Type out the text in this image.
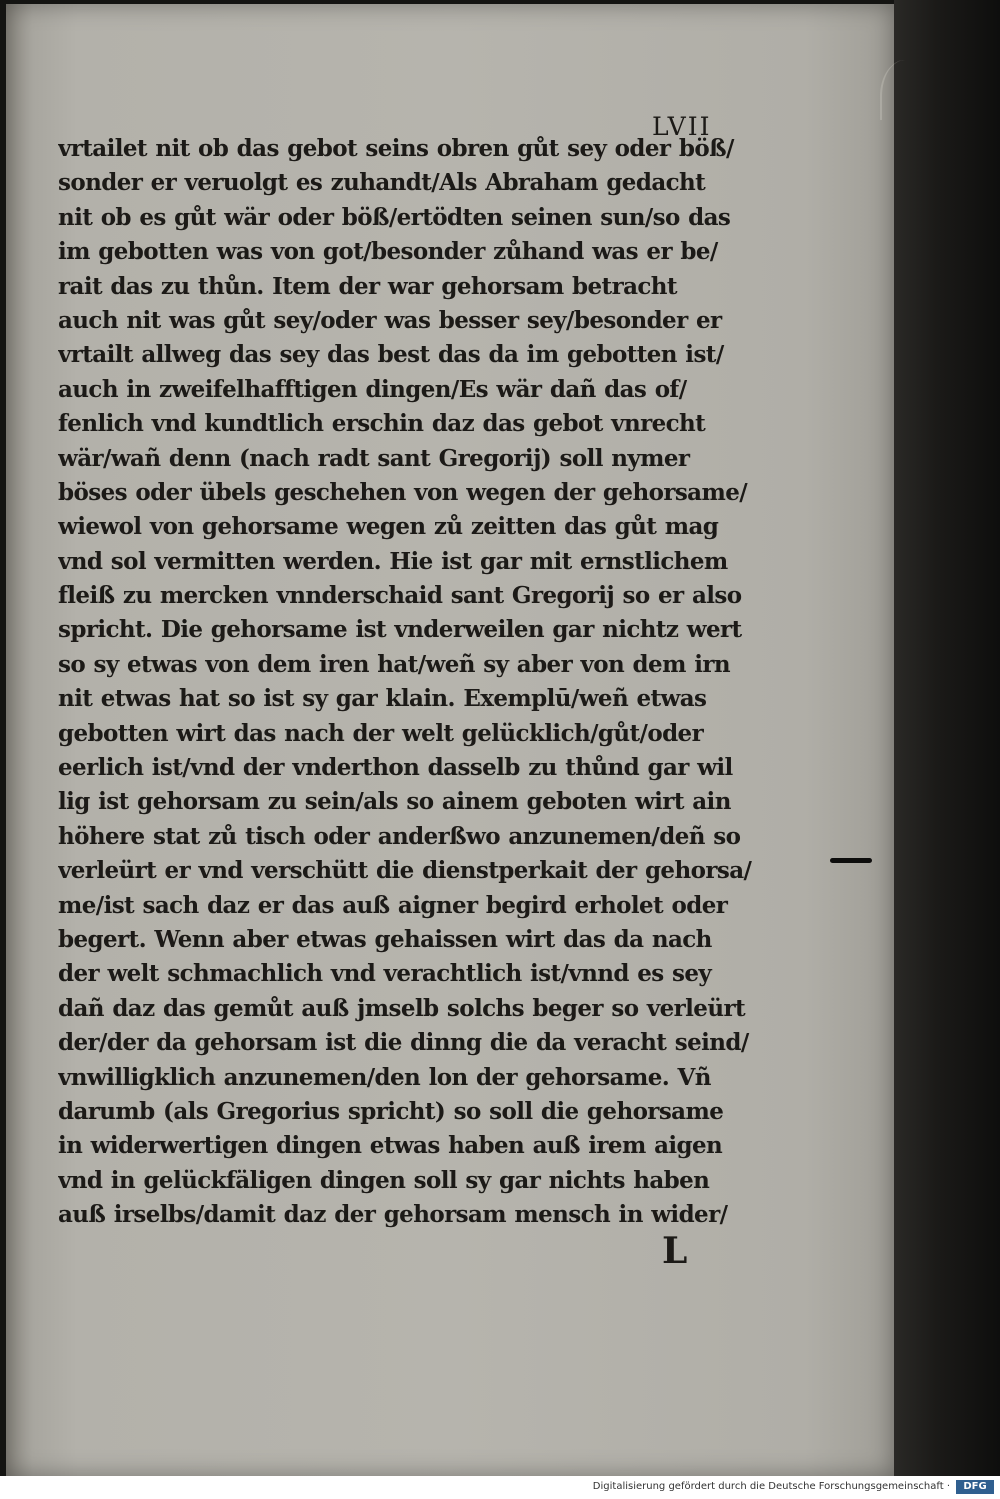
LVII
vrtailet nit ob das gebot seins obren gůt sey oder böß/
sonder er veruolgt es zuhandt/Als Abraham gedacht
nit ob es gůt wär oder böß/ertödten seinen sun/so das
im gebotten was von got/besonder zůhand was er be/
rait das zu thůn. Item der war gehorsam betracht
auch nit was gůt sey/oder was besser sey/besonder er
vrtailt allweg das sey das best das da im gebotten ist/
auch in zweifelhafftigen dingen/Es wär dañ das of/
fenlich vnd kundtlich erschin daz das gebot vnrecht
wär/wañ denn (nach radt sant Gregorij) soll nymer
böses oder übels geschehen von wegen der gehorsame/
wiewol von gehorsame wegen zů zeitten das gůt mag
vnd sol vermitten werden. Hie ist gar mit ernstlichem
fleiß zu mercken vnnderschaid sant Gregorij so er also
spricht. Die gehorsame ist vnderweilen gar nichtz wert
so sy etwas von dem iren hat/weñ sy aber von dem irn
nit etwas hat so ist sy gar klain. Exemplū/weñ etwas
gebotten wirt das nach der welt gelücklich/gůt/oder
eerlich ist/vnd der vnderthon dasselb zu thůnd gar wil
lig ist gehorsam zu sein/als so ainem geboten wirt ain
höhere stat zů tisch oder anderßwo anzunemen/deñ so
verleürt er vnd verschütt die dienstperkait der gehorsa/
me/ist sach daz er das auß aigner begird erholet oder
begert. Wenn aber etwas gehaissen wirt das da nach
der welt schmachlich vnd verachtlich ist/vnnd es sey
dañ daz das gemůt auß jmselb solchs beger so verleürt
der/der da gehorsam ist die dinng die da veracht seind/
vnwilligklich anzunemen/den lon der gehorsame. Vñ
darumb (als Gregorius spricht) so soll die gehorsame
in widerwertigen dingen etwas haben auß irem aigen
vnd in gelückfäligen dingen soll sy gar nichts haben
auß irselbs/damit daz der gehorsam mensch in wider/
L
Digitalisierung gefördert durch die Deutsche Forschungsgemeinschaft ·	DFG
